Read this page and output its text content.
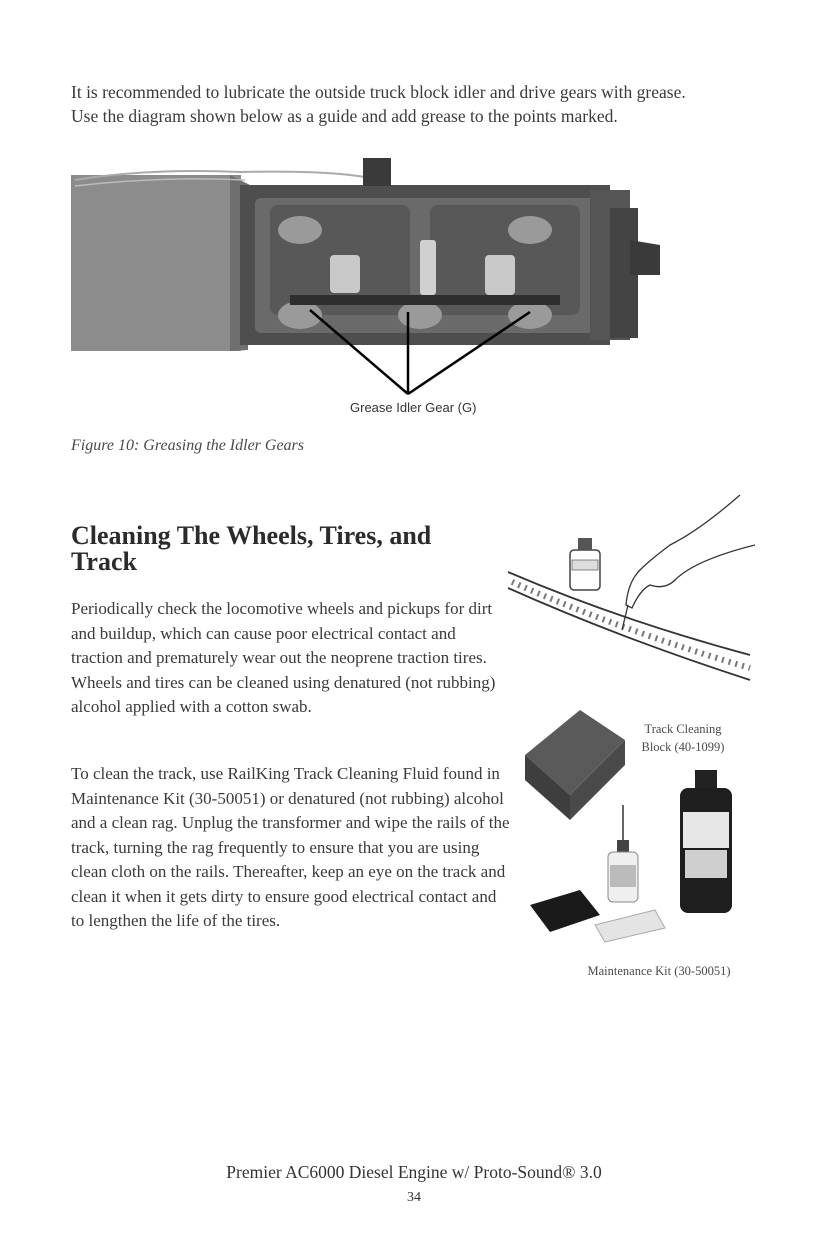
It is recommended to lubricate the outside truck block idler and drive gears with grease.

Use the diagram shown below as a guide and add grease to the points marked.

Grease Idler Gear (G)
Figure 10: Greasing the Idler Gears
Cleaning The Wheels, Tires, and Track

Periodically check the locomotive wheels and pickups for dirt and buildup, which can cause poor electrical contact and traction and prematurely wear out the neoprene traction tires. Wheels and tires can be cleaned using denatured (not rubbing) alcohol applied with a cotton swab.

To clean the track, use RailKing Track Cleaning Fluid found in Maintenance Kit (30-50051) or denatured (not rubbing) alcohol and a clean rag. Unplug the transformer and wipe the rails of the track, turning the rag frequently to ensure that you are using clean cloth on the rails. Thereafter, keep an eye on the track and clean it when it gets dirty to ensure good electrical contact and to lengthen the life of the tires.

Track Cleaning
Block (40-1099)
Maintenance Kit (30-50051)
Premier AC6000 Diesel Engine w/ Proto-Sound® 3.0
34
